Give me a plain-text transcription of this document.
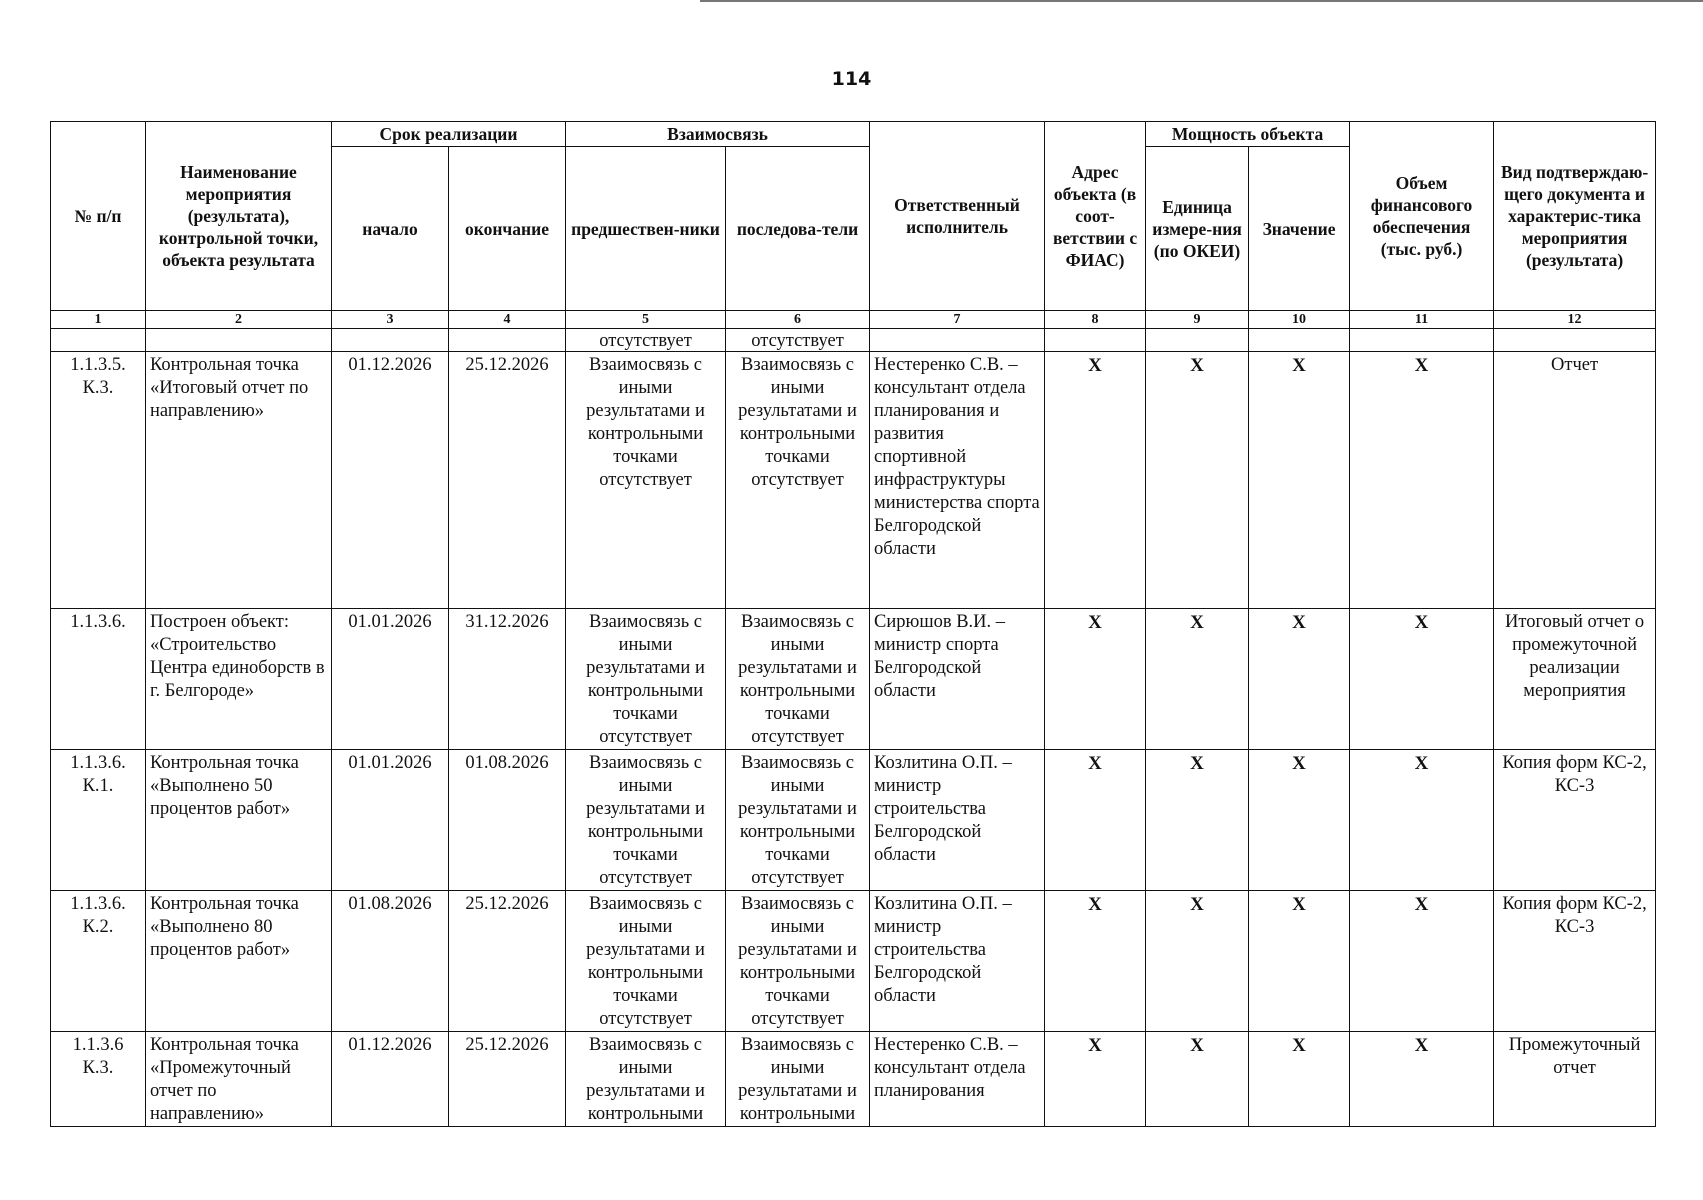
114
№ п/п	Наименование мероприятия (результата), контрольной точки, объекта результата	Срок реализации		Взаимосвязь		Ответственный исполнитель	Адрес объекта (в соот-ветствии с ФИАС)	Мощность объекта		Объем финансового обеспечения (тыс. руб.)	Вид подтверждаю-щего документа и характерис-тика мероприятия (результата)
		начало	окончание	предшествен-ники	последова-тели			Единица измере-ния (по ОКЕИ)	Значение		
1	2	3	4	5	6	7	8	9	10	11	12
				отсутствует	отсутствует						
1.1.3.5. К.3.	Контрольная точка «Итоговый отчет по направлению»	01.12.2026	25.12.2026	Взаимосвязь с иными результатами и контрольными точками отсутствует	Взаимосвязь с иными результатами и контрольными точками отсутствует	Нестеренко С.В. – консультант отдела планирования и развития спортивной инфраструктуры министерства спорта Белгородской области	X	X	X	X	Отчет
1.1.3.6.	Построен объект: «Строительство Центра единоборств в г. Белгороде»	01.01.2026	31.12.2026	Взаимосвязь с иными результатами и контрольными точками отсутствует	Взаимосвязь с иными результатами и контрольными точками отсутствует	Сирюшов В.И. – министр спорта Белгородской области	X	X	X	X	Итоговый отчет о промежуточной реализации мероприятия
1.1.3.6. К.1.	Контрольная точка «Выполнено 50 процентов работ»	01.01.2026	01.08.2026	Взаимосвязь с иными результатами и контрольными точками отсутствует	Взаимосвязь с иными результатами и контрольными точками отсутствует	Козлитина О.П. – министр строительства Белгородской области	X	X	X	X	Копия форм КС-2, КС-3
1.1.3.6. К.2.	Контрольная точка «Выполнено 80 процентов работ»	01.08.2026	25.12.2026	Взаимосвязь с иными результатами и контрольными точками отсутствует	Взаимосвязь с иными результатами и контрольными точками отсутствует	Козлитина О.П. – министр строительства Белгородской области	X	X	X	X	Копия форм КС-2, КС-3
1.1.3.6 К.3.	Контрольная точка «Промежуточный отчет по направлению»	01.12.2026	25.12.2026	Взаимосвязь с иными результатами и контрольными	Взаимосвязь с иными результатами и контрольными	Нестеренко С.В. – консультант отдела планирования	X	X	X	X	Промежуточный отчет
